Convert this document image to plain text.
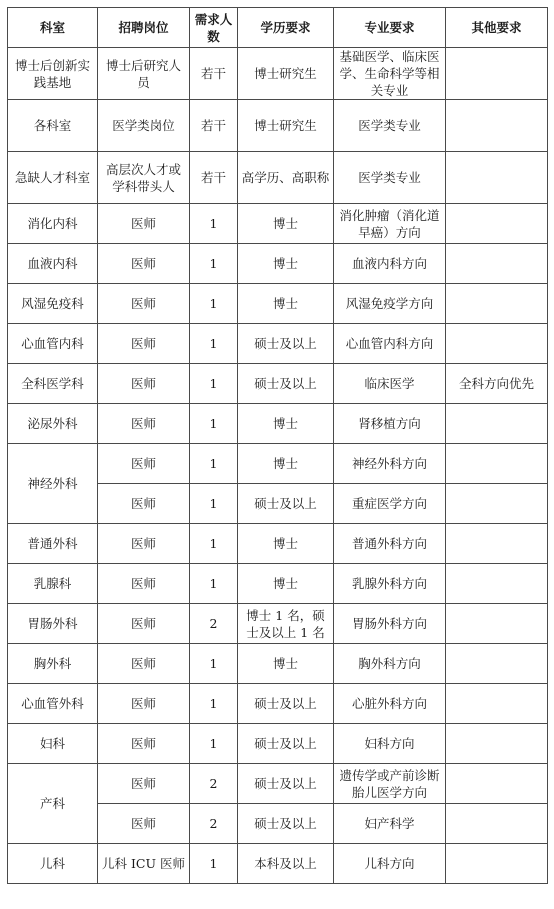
科室	招聘岗位	需求人数	学历要求	专业要求	其他要求
博士后创新实践基地	博士后研究人员	若干	博士研究生	基础医学、临床医学、生命科学等相关专业	
各科室	医学类岗位	若干	博士研究生	医学类专业	
急缺人才科室	高层次人才或学科带头人	若干	高学历、高职称	医学类专业	
消化内科	医师	1	博士	消化肿瘤（消化道早癌）方向	
血液内科	医师	1	博士	血液内科方向	
风湿免疫科	医师	1	博士	风湿免疫学方向	
心血管内科	医师	1	硕士及以上	心血管内科方向	
全科医学科	医师	1	硕士及以上	临床医学	全科方向优先
泌尿外科	医师	1	博士	肾移植方向	
神经外科	医师	1	博士	神经外科方向	
	医师	1	硕士及以上	重症医学方向	
普通外科	医师	1	博士	普通外科方向	
乳腺科	医师	1	博士	乳腺外科方向	
胃肠外科	医师	2	博士 1 名，硕士及以上 1 名	胃肠外科方向	
胸外科	医师	1	博士	胸外科方向	
心血管外科	医师	1	硕士及以上	心脏外科方向	
妇科	医师	1	硕士及以上	妇科方向	
产科	医师	2	硕士及以上	遗传学或产前诊断胎儿医学方向	
	医师	2	硕士及以上	妇产科学	
儿科	儿科 ICU 医师	1	本科及以上	儿科方向	
